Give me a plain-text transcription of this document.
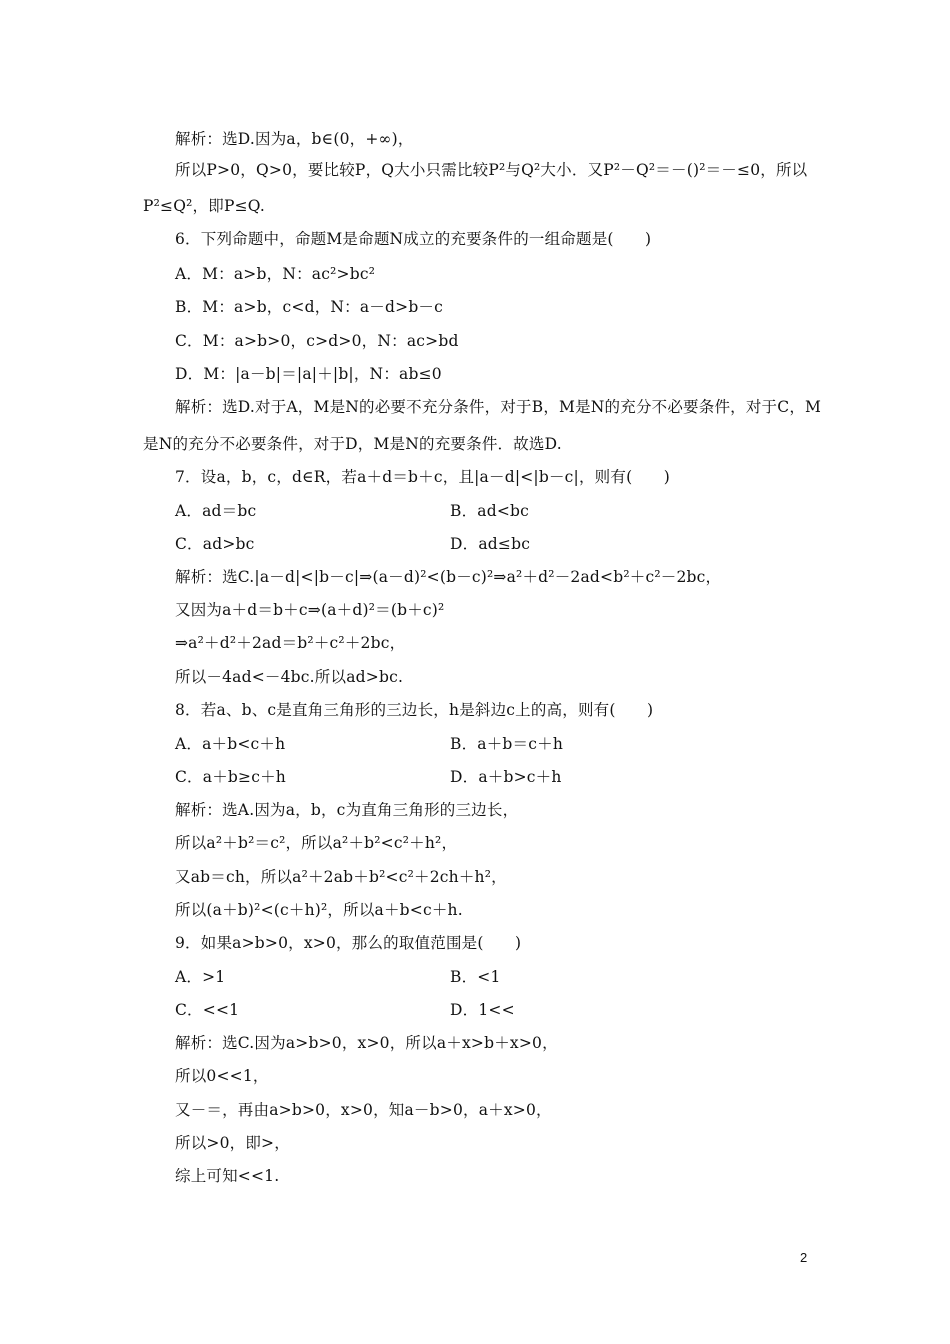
解析：选D.因为a，b∈(0，+∞)，
所以P>0，Q>0，要比较P，Q大小只需比较P²与Q²大小．又P²－Q²＝－()²＝－≤0，所以
P²≤Q²，即P≤Q.
6．下列命题中，命题M是命题N成立的充要条件的一组命题是(　　)
A．M：a>b，N：ac²>bc²
B．M：a>b，c<d，N：a－d>b－c
C．M：a>b>0，c>d>0，N：ac>bd
D．M：|a－b|＝|a|＋|b|，N：ab≤0
解析：选D.对于A，M是N的必要不充分条件，对于B，M是N的充分不必要条件，对于C，M
是N的充分不必要条件，对于D，M是N的充要条件．故选D.
7．设a，b，c，d∈R，若a＋d＝b＋c，且|a－d|<|b－c|，则有(　　)
A．ad＝bc	B．ad<bc
C．ad>bc	D．ad≤bc
解析：选C.|a－d|<|b－c|⇒(a－d)²<(b－c)²⇒a²＋d²－2ad<b²＋c²－2bc，
又因为a＋d＝b＋c⇒(a＋d)²＝(b＋c)²
⇒a²＋d²＋2ad＝b²＋c²＋2bc，
所以－4ad<－4bc.所以ad>bc.
8．若a、b、c是直角三角形的三边长，h是斜边c上的高，则有(　　)
A．a＋b<c＋h	B．a＋b＝c＋h
C．a＋b≥c＋h	D．a＋b>c＋h
解析：选A.因为a，b，c为直角三角形的三边长，
所以a²＋b²＝c²，所以a²＋b²<c²＋h²，
又ab＝ch，所以a²＋2ab＋b²<c²＋2ch＋h²，
所以(a＋b)²<(c＋h)²，所以a＋b<c＋h.
9．如果a>b>0，x>0，那么的取值范围是(　　)
A．>1	B．<1
C．<<1	D．1<<
解析：选C.因为a>b>0，x>0，所以a＋x>b＋x>0，
所以0<<1，
又－＝，再由a>b>0，x>0，知a－b>0，a＋x>0，
所以>0，即>，
综上可知<<1.
2
